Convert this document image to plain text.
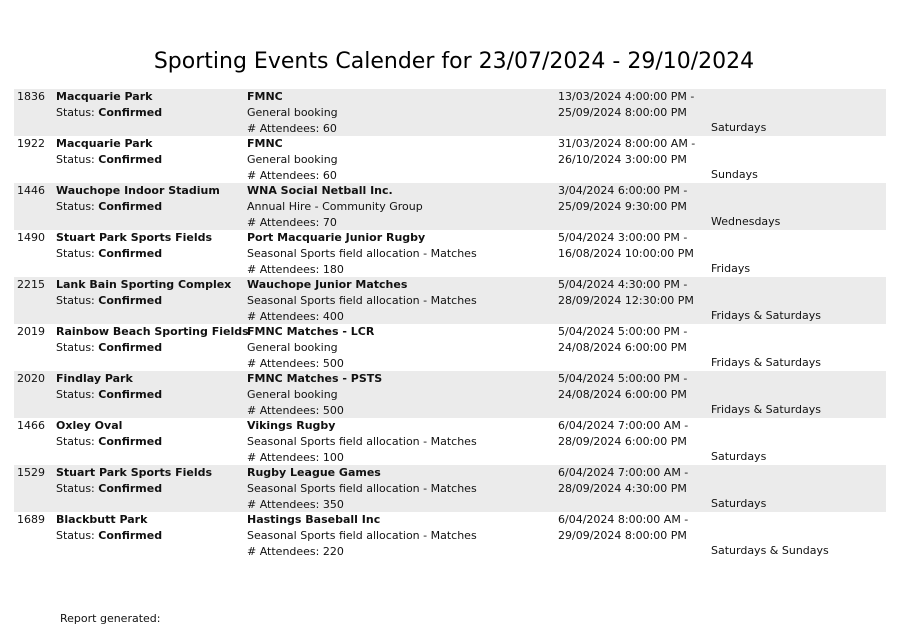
Sporting Events Calender for 23/07/2024 - 29/10/2024
1836 Macquarie Park
Status: Confirmed
FMNC
General booking
# Attendees: 60
13/03/2024 4:00:00 PM -
25/09/2024 8:00:00 PM
Saturdays
1922 Macquarie Park
Status: Confirmed
FMNC
General booking
# Attendees: 60
31/03/2024 8:00:00 AM -
26/10/2024 3:00:00 PM
Sundays
1446 Wauchope Indoor Stadium
Status: Confirmed
WNA Social Netball Inc.
Annual Hire - Community Group
# Attendees: 70
3/04/2024 6:00:00 PM -
25/09/2024 9:30:00 PM
Wednesdays
1490 Stuart Park Sports Fields
Status: Confirmed
Port Macquarie Junior Rugby
Seasonal Sports field allocation - Matches
# Attendees: 180
5/04/2024 3:00:00 PM -
16/08/2024 10:00:00 PM
Fridays
2215 Lank Bain Sporting Complex
Status: Confirmed
Wauchope Junior Matches
Seasonal Sports field allocation - Matches
# Attendees: 400
5/04/2024 4:30:00 PM -
28/09/2024 12:30:00 PM
Fridays & Saturdays
2019 Rainbow Beach Sporting Fields
Status: Confirmed
FMNC Matches - LCR
General booking
# Attendees: 500
5/04/2024 5:00:00 PM -
24/08/2024 6:00:00 PM
Fridays & Saturdays
2020 Findlay Park
Status: Confirmed
FMNC Matches - PSTS
General booking
# Attendees: 500
5/04/2024 5:00:00 PM -
24/08/2024 6:00:00 PM
Fridays & Saturdays
1466 Oxley Oval
Status: Confirmed
Vikings Rugby
Seasonal Sports field allocation - Matches
# Attendees: 100
6/04/2024 7:00:00 AM -
28/09/2024 6:00:00 PM
Saturdays
1529 Stuart Park Sports Fields
Status: Confirmed
Rugby League Games
Seasonal Sports field allocation - Matches
# Attendees: 350
6/04/2024 7:00:00 AM -
28/09/2024 4:30:00 PM
Saturdays
1689 Blackbutt Park
Status: Confirmed
Hastings Baseball Inc
Seasonal Sports field allocation - Matches
# Attendees: 220
6/04/2024 8:00:00 AM -
29/09/2024 8:00:00 PM
Saturdays & Sundays
Report generated:
